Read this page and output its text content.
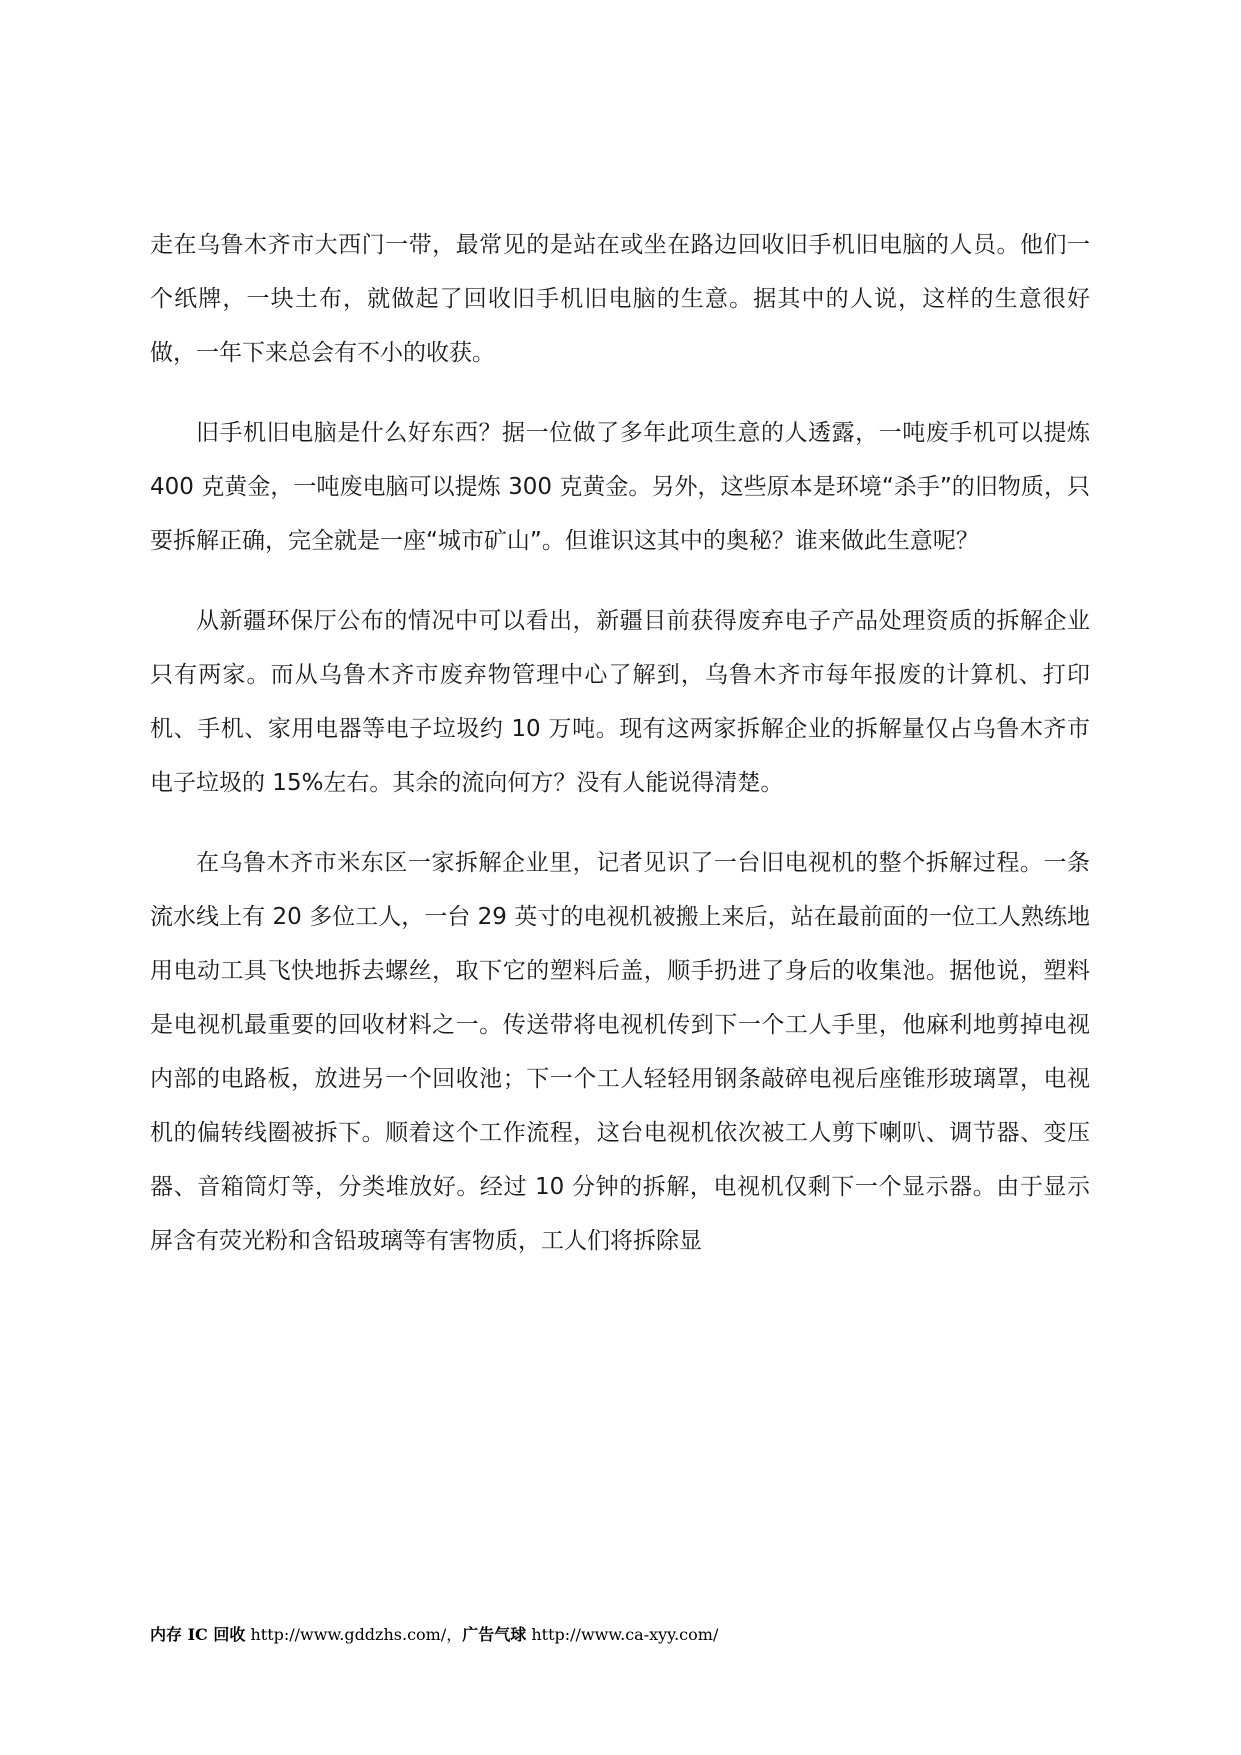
走在乌鲁木齐市大西门一带，最常见的是站在或坐在路边回收旧手机旧电脑的人员。他们一个纸牌，一块土布，就做起了回收旧手机旧电脑的生意。据其中的人说，这样的生意很好做，一年下来总会有不小的收获。

旧手机旧电脑是什么好东西？据一位做了多年此项生意的人透露，一吨废手机可以提炼 400 克黄金，一吨废电脑可以提炼 300 克黄金。另外，这些原本是环境“杀手”的旧物质，只要拆解正确，完全就是一座“城市矿山”。但谁识这其中的奥秘？谁来做此生意呢？

从新疆环保厅公布的情况中可以看出，新疆目前获得废弃电子产品处理资质的拆解企业只有两家。而从乌鲁木齐市废弃物管理中心了解到，乌鲁木齐市每年报废的计算机、打印机、手机、家用电器等电子垃圾约 10 万吨。现有这两家拆解企业的拆解量仅占乌鲁木齐市电子垃圾的 15%左右。其余的流向何方？没有人能说得清楚。

在乌鲁木齐市米东区一家拆解企业里，记者见识了一台旧电视机的整个拆解过程。一条流水线上有 20 多位工人，一台 29 英寸的电视机被搬上来后，站在最前面的一位工人熟练地用电动工具飞快地拆去螺丝，取下它的塑料后盖，顺手扔进了身后的收集池。据他说，塑料是电视机最重要的回收材料之一。传送带将电视机传到下一个工人手里，他麻利地剪掉电视内部的电路板，放进另一个回收池；下一个工人轻轻用钢条敲碎电视后座锥形玻璃罩，电视机的偏转线圈被拆下。顺着这个工作流程，这台电视机依次被工人剪下喇叭、调节器、变压器、音箱筒灯等，分类堆放好。经过 10 分钟的拆解，电视机仅剩下一个显示器。由于显示屏含有荧光粉和含铅玻璃等有害物质，工人们将拆除显

内存 IC 回收 http://www.gddzhs.com/，广告气球 http://www.ca-xyy.com/
